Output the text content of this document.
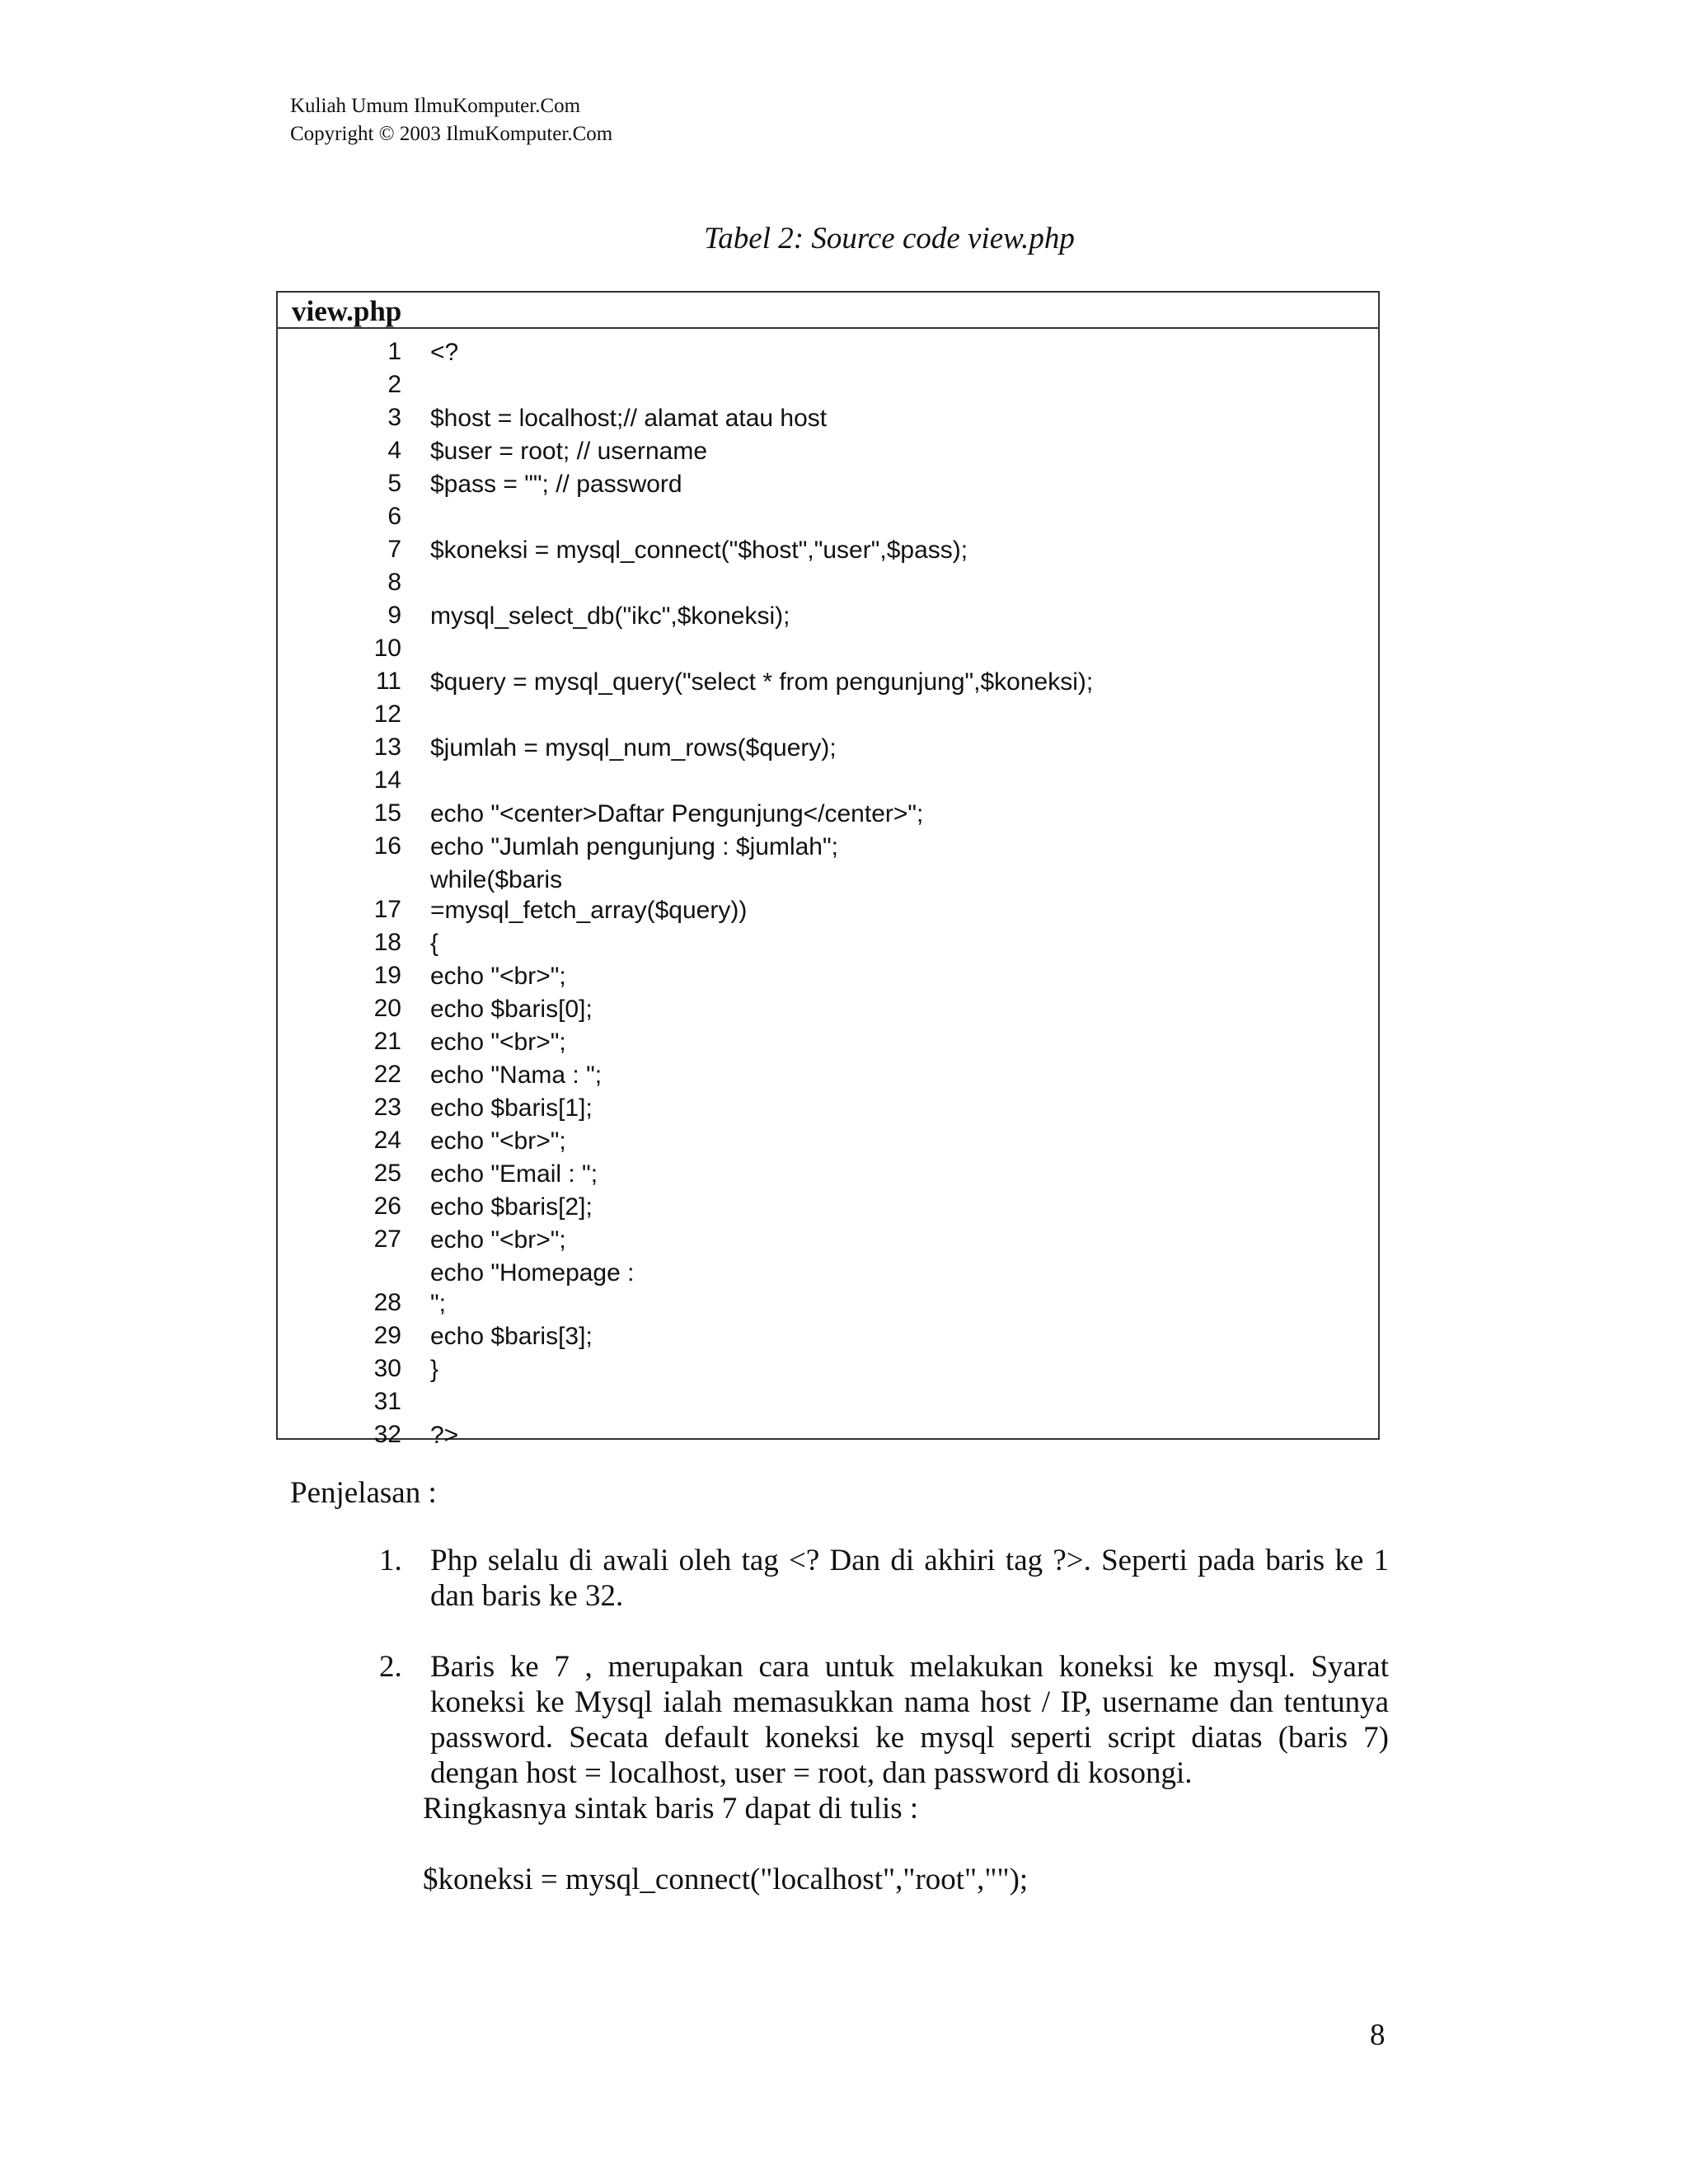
Kuliah Umum IlmuKomputer.Com
Copyright © 2003 IlmuKomputer.Com
Tabel 2: Source code view.php
view.php
1 <?
2
3 $host = localhost;// alamat atau host
4 $user = root; // username
5 $pass = ""; // password
6
7 $koneksi = mysql_connect("$host","user",$pass);
8
9 mysql_select_db("ikc",$koneksi);
10
11 $query = mysql_query("select * from pengunjung",$koneksi);
12
13 $jumlah = mysql_num_rows($query);
14
15 echo "<center>Daftar Pengunjung</center>";
16 echo "Jumlah pengunjung : $jumlah";
17
while($baris
=mysql_fetch_array($query))
18 {
19 echo "<br>";
20 echo $baris[0];
21 echo "<br>";
22 echo "Nama : ";
23 echo $baris[1];
24 echo "<br>";
25 echo "Email : ";
26 echo $baris[2];
27 echo "<br>";
28
echo "Homepage :
";
29 echo $baris[3];
30 }
31
32 ?>
Penjelasan :
1. Php selalu di awali oleh tag <? Dan di akhiri tag ?>. Seperti pada baris ke 1 dan baris ke 32.
2. Baris ke 7 , merupakan cara untuk melakukan koneksi ke mysql. Syarat koneksi ke Mysql ialah memasukkan nama host / IP, username dan tentunya password. Secata default koneksi ke mysql seperti script diatas (baris 7) dengan host = localhost, user = root, dan password di kosongi.
Ringkasnya sintak baris 7 dapat di tulis :
$koneksi = mysql_connect("localhost","root","");
8
